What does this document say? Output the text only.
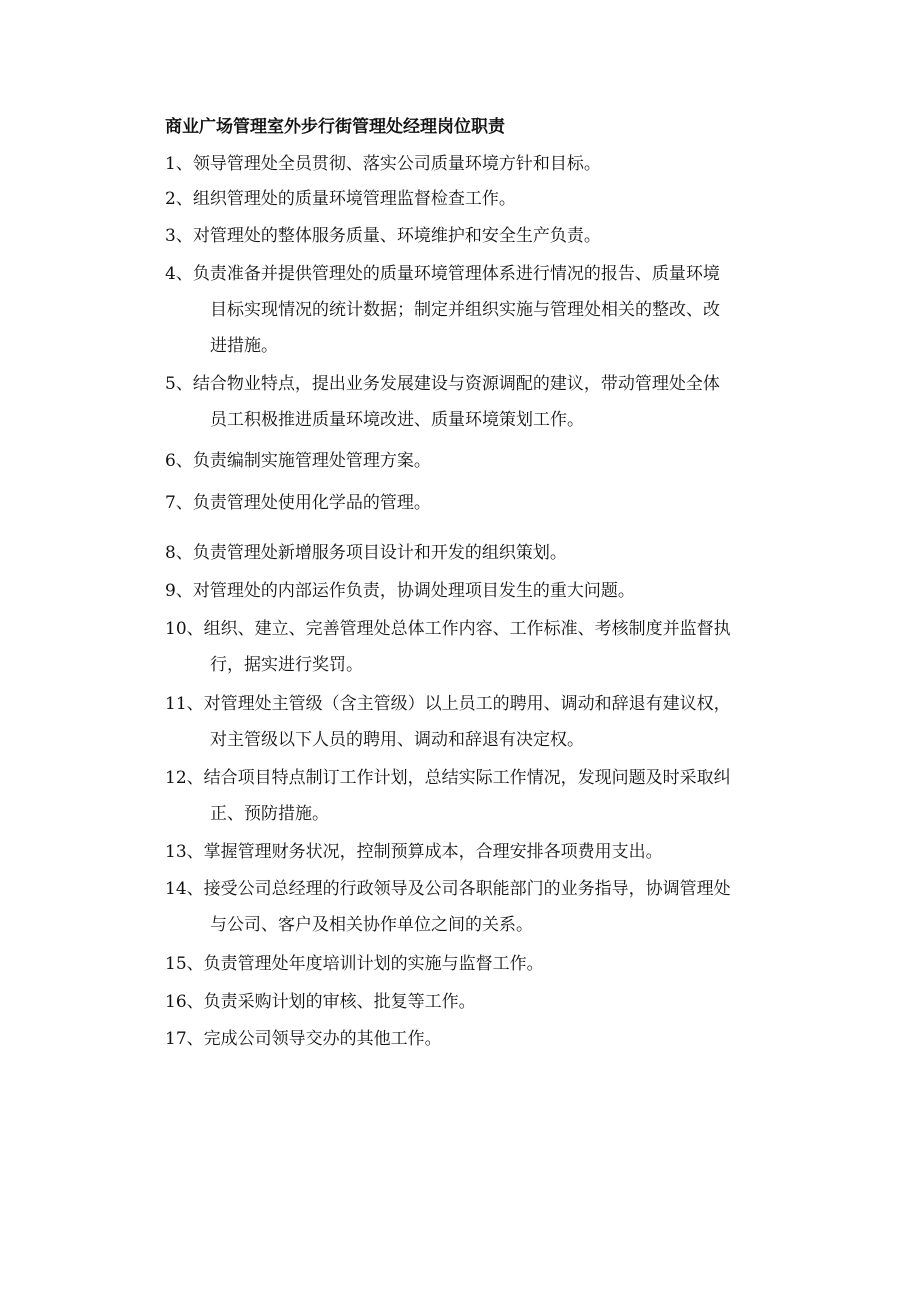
商业广场管理室外步行街管理处经理岗位职责
1、领导管理处全员贯彻、落实公司质量环境方针和目标。
2、组织管理处的质量环境管理监督检查工作。
3、对管理处的整体服务质量、环境维护和安全生产负责。
4、负责准备并提供管理处的质量环境管理体系进行情况的报告、质量环境
目标实现情况的统计数据；制定并组织实施与管理处相关的整改、改
进措施。
5、结合物业特点，提出业务发展建设与资源调配的建议，带动管理处全体
员工积极推进质量环境改进、质量环境策划工作。
6、负责编制实施管理处管理方案。
7、负责管理处使用化学品的管理。
8、负责管理处新增服务项目设计和开发的组织策划。
9、对管理处的内部运作负责，协调处理项目发生的重大问题。
10、组织、建立、完善管理处总体工作内容、工作标准、考核制度并监督执
行，据实进行奖罚。
11、对管理处主管级（含主管级）以上员工的聘用、调动和辞退有建议权，
对主管级以下人员的聘用、调动和辞退有决定权。
12、结合项目特点制订工作计划，总结实际工作情况，发现问题及时采取纠
正、预防措施。
13、掌握管理财务状况，控制预算成本，合理安排各项费用支出。
14、接受公司总经理的行政领导及公司各职能部门的业务指导，协调管理处
与公司、客户及相关协作单位之间的关系。
15、负责管理处年度培训计划的实施与监督工作。
16、负责采购计划的审核、批复等工作。
17、完成公司领导交办的其他工作。
